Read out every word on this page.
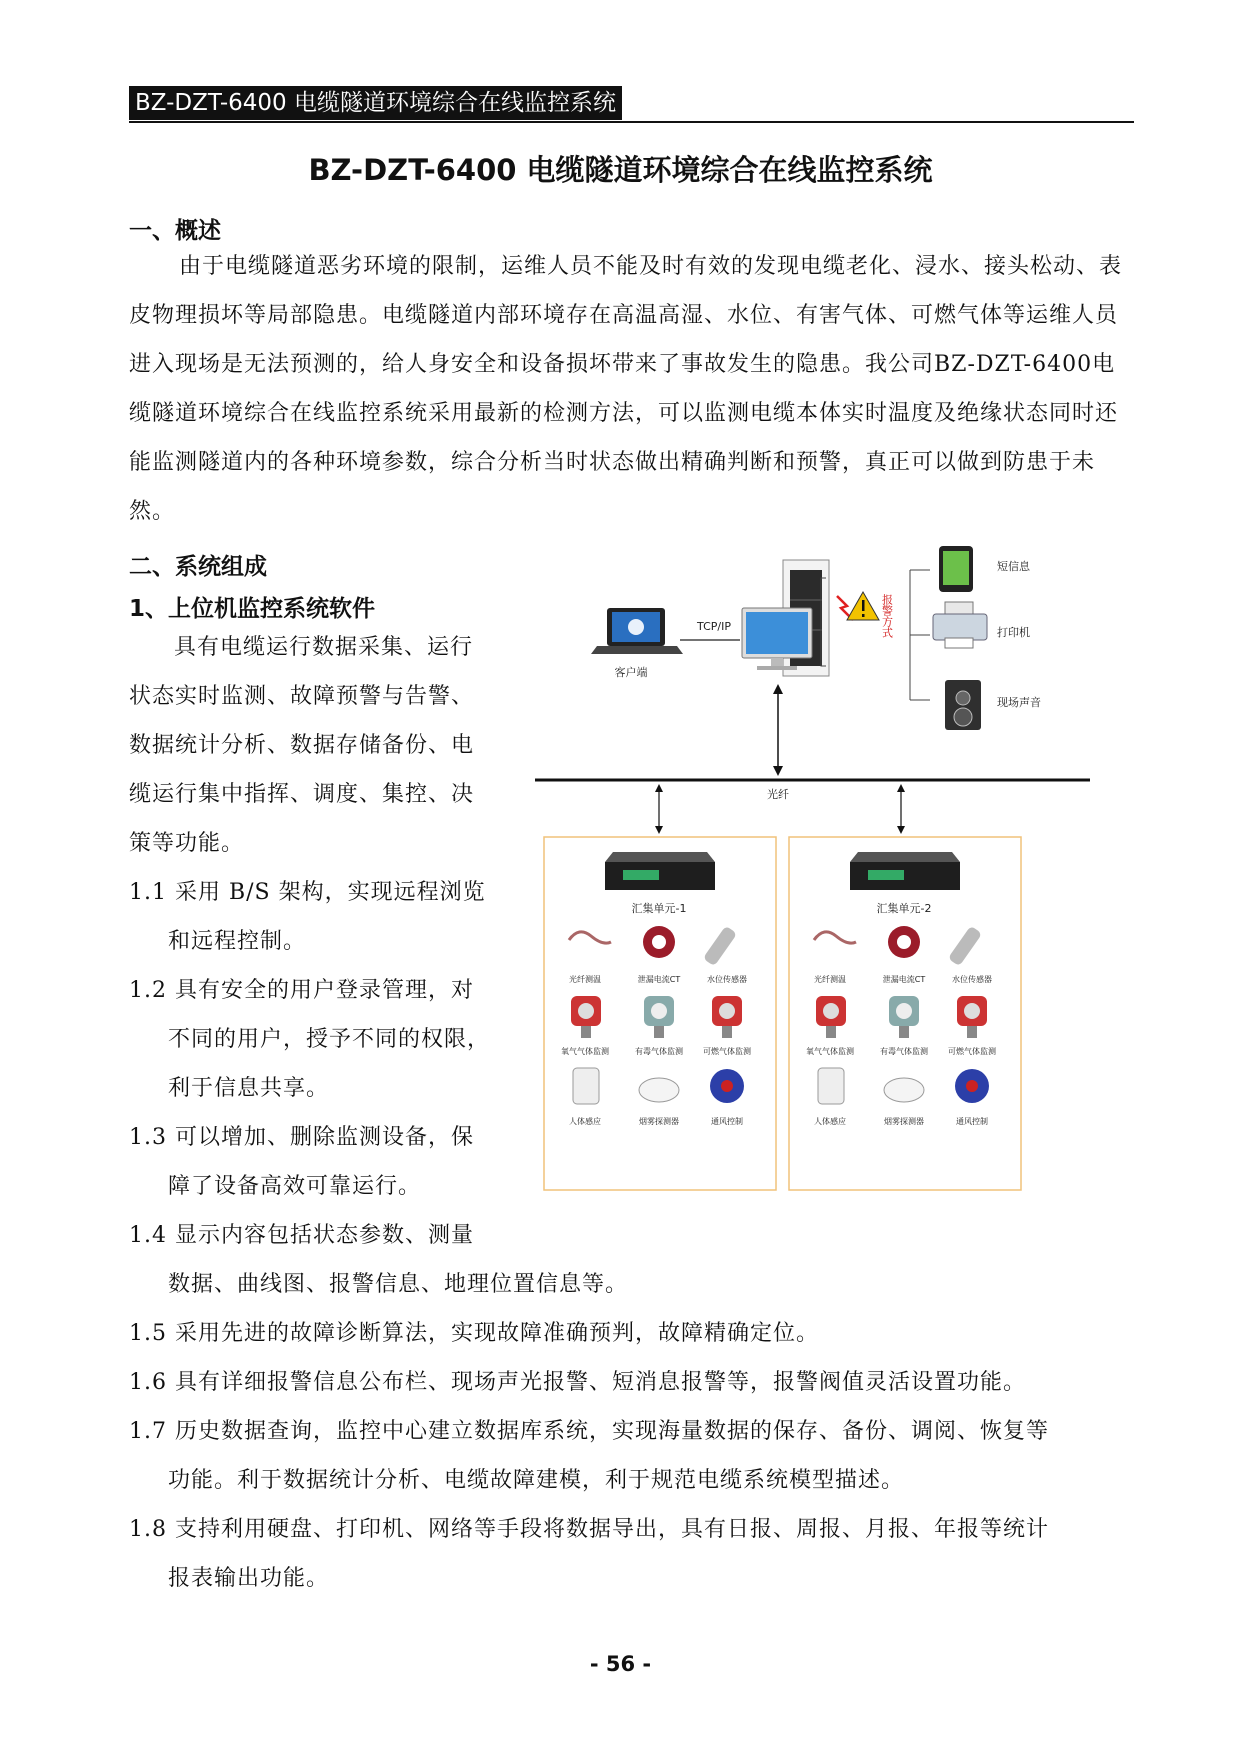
BZ-DZT-6400 电缆隧道环境综合在线监控系统
BZ-DZT-6400 电缆隧道环境综合在线监控系统
一、概述
由于电缆隧道恶劣环境的限制，运维人员不能及时有效的发现电缆老化、浸水、接头松动、表皮物理损坏等局部隐患。电缆隧道内部环境存在高温高湿、水位、有害气体、可燃气体等运维人员进入现场是无法预测的，给人身安全和设备损坏带来了事故发生的隐患。我公司BZ-DZT-6400电缆隧道环境综合在线监控系统采用最新的检测方法，可以监测电缆本体实时温度及绝缘状态同时还能监测隧道内的各种环境参数，综合分析当时状态做出精确判断和预警，真正可以做到防患于未然。
二、系统组成
1、上位机监控系统软件
具有电缆运行数据采集、运行
状态实时监测、故障预警与告警、
数据统计分析、数据存储备份、电
缆运行集中指挥、调度、集控、决
策等功能。
1.1 采用 B/S 架构，实现远程浏览
和远程控制。
1.2 具有安全的用户登录管理，对
不同的用户，授予不同的权限，
利于信息共享。
1.3 可以增加、删除监测设备，保
障了设备高效可靠运行。
1.4 显示内容包括状态参数、测量
数据、曲线图、报警信息、地理位置信息等。
1.5 采用先进的故障诊断算法，实现故障准确预判，故障精确定位。
1.6 具有详细报警信息公布栏、现场声光报警、短消息报警等，报警阀值灵活设置功能。
1.7 历史数据查询，监控中心建立数据库系统，实现海量数据的保存、备份、调阅、恢复等
功能。利于数据统计分析、电缆故障建模，利于规范电缆系统模型描述。
1.8 支持利用硬盘、打印机、网络等手段将数据导出，具有日报、周报、月报、年报等统计
报表输出功能。
客户端
TCP/IP	报警方式
短信息
打印机
现场声音
光纤
汇集单元-1
光纤测温	泄漏电流CT	水位传感器
氧气气体监测	有毒气体监测	可燃气体监测
人体感应	烟雾探测器	通风控制
汇集单元-2
光纤测温	泄漏电流CT	水位传感器
氧气气体监测	有毒气体监测	可燃气体监测
人体感应	烟雾探测器	通风控制
- 56 -
